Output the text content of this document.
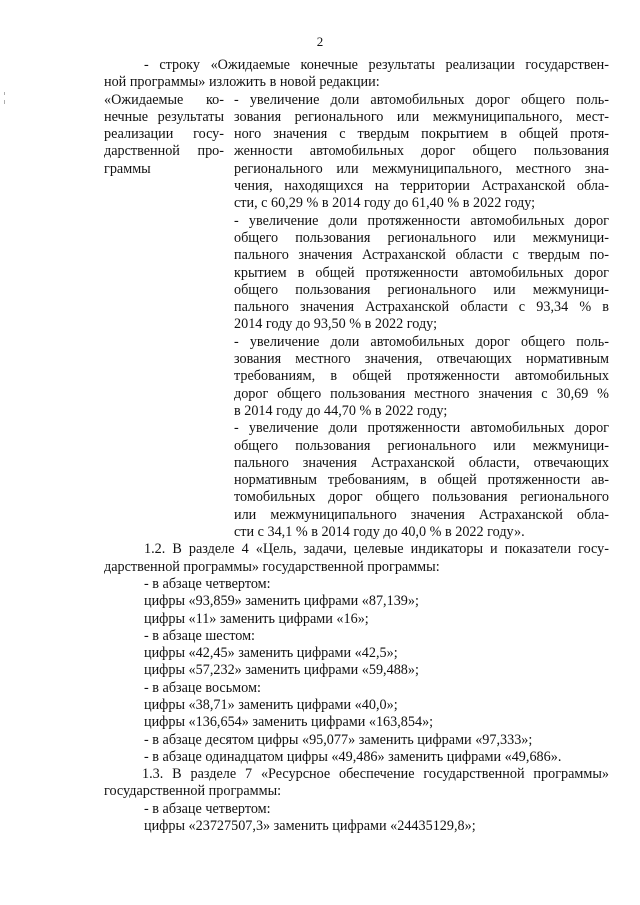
2

- строку «Ожидаемые конечные результаты реализации государствен-

ной программы» изложить в новой редакции:

«Ожидаемые ко-

нечные результаты

реализации госу-

дарственной про-

граммы

- увеличение доли автомобильных дорог общего поль-

зования регионального или межмуниципального, мест-

ного значения с твердым покрытием в общей протя-

женности автомобильных дорог общего пользования

регионального или межмуниципального, местного зна-

чения, находящихся на территории Астраханской обла-

сти, с 60,29 % в 2014 году до 61,40 % в 2022 году;

- увеличение доли протяженности автомобильных дорог

общего пользования регионального или межмуници-

пального значения Астраханской области с твердым по-

крытием в общей протяженности автомобильных дорог

общего пользования регионального или межмуници-

пального значения Астраханской области с 93,34 % в

2014 году до 93,50 % в 2022 году;

- увеличение доли автомобильных дорог общего поль-

зования местного значения, отвечающих нормативным

требованиям, в общей протяженности автомобильных

дорог общего пользования местного значения с 30,69 %

в 2014 году до 44,70 % в 2022 году;

- увеличение доли протяженности автомобильных дорог

общего пользования регионального или межмуници-

пального значения Астраханской области, отвечающих

нормативным требованиям, в общей протяженности ав-

томобильных дорог общего пользования регионального

или межмуниципального значения Астраханской обла-

сти с 34,1 % в 2014 году до 40,0 % в 2022 году».

1.2. В разделе 4 «Цель, задачи, целевые индикаторы и показатели госу-

дарственной программы» государственной программы:

- в абзаце четвертом:

цифры «93,859» заменить цифрами «87,139»;

цифры «11» заменить цифрами «16»;

- в абзаце шестом:

цифры «42,45» заменить цифрами «42,5»;

цифры «57,232» заменить цифрами «59,488»;

- в абзаце восьмом:

цифры «38,71» заменить цифрами «40,0»;

цифры «136,654» заменить цифрами «163,854»;

- в абзаце десятом цифры «95,077» заменить цифрами «97,333»;

- в абзаце одинадцатом цифры «49,486» заменить цифрами «49,686».

1.3. В разделе 7 «Ресурсное обеспечение государственной программы»

государственной программы:

- в абзаце четвертом:

цифры «23727507,3» заменить цифрами «24435129,8»;
